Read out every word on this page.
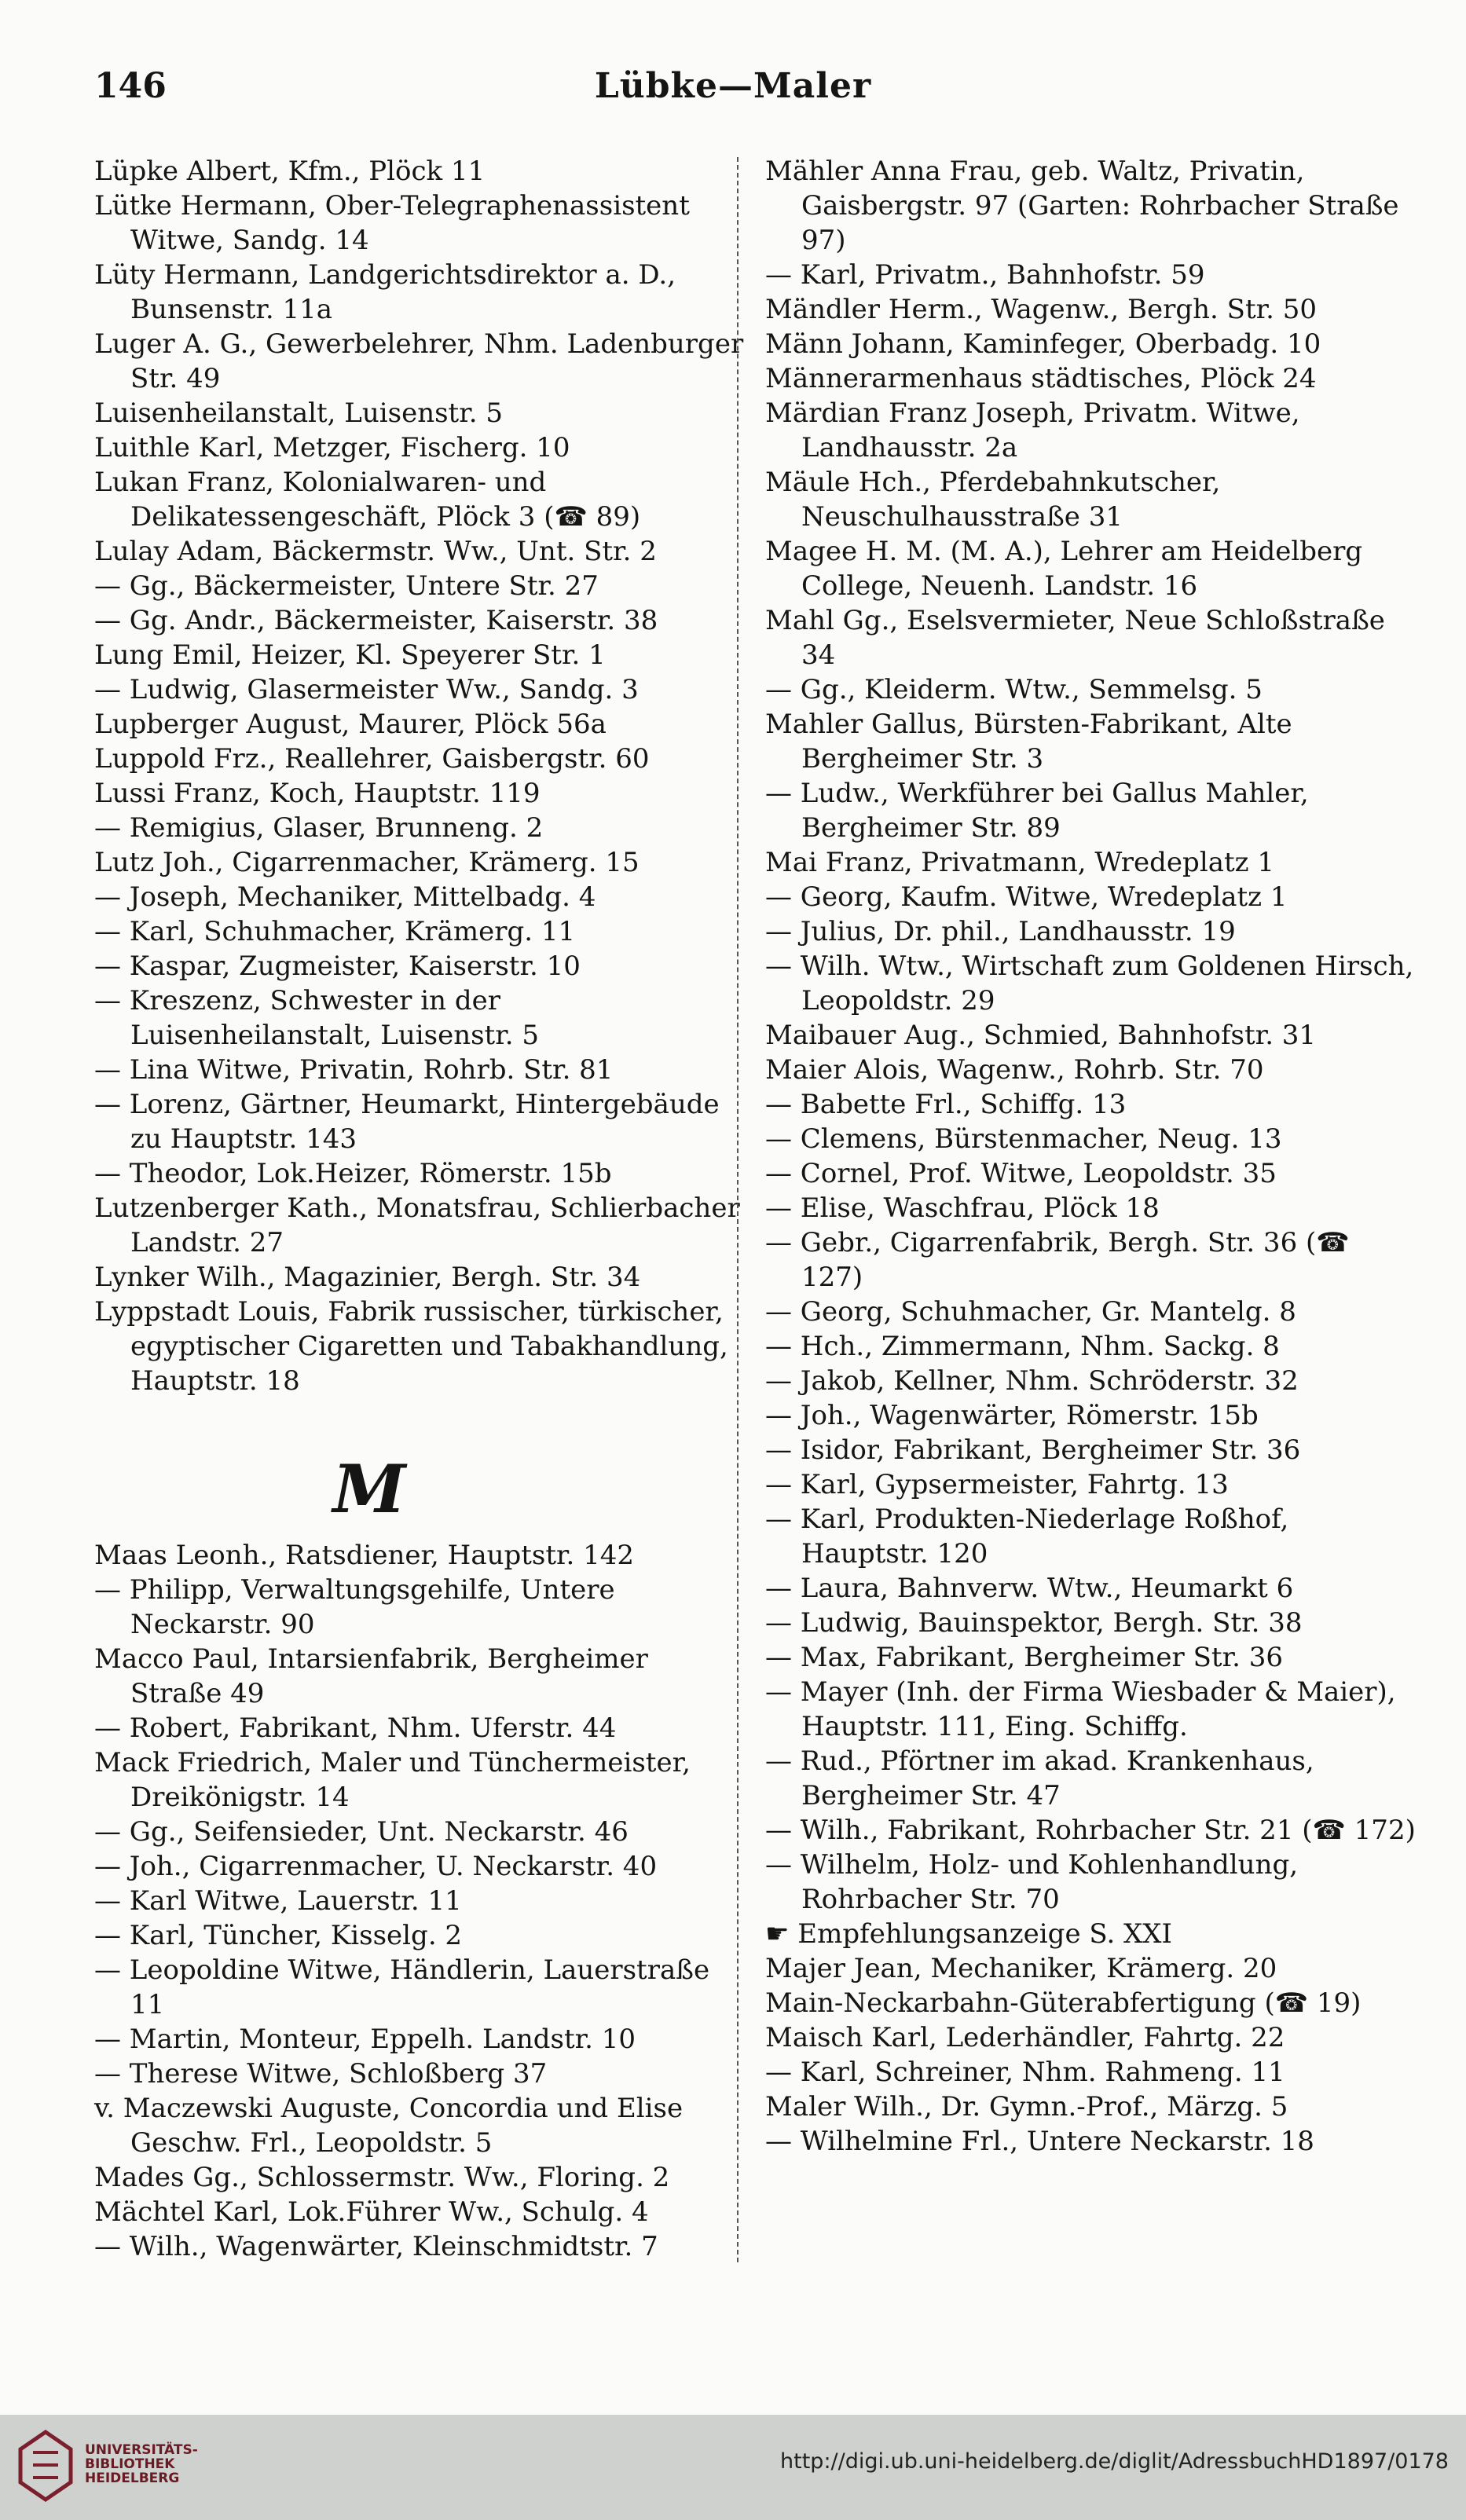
146	Lübke—Maler

Lüpke Albert, Kfm., Plöck 11

Lütke Hermann, Ober-Telegraphenassistent Witwe, Sandg. 14

Lüty Hermann, Landgerichtsdirektor a. D., Bunsenstr. 11a

Luger A. G., Gewerbelehrer, Nhm. Ladenburger Str. 49

Luisenheilanstalt, Luisenstr. 5

Luithle Karl, Metzger, Fischerg. 10

Lukan Franz, Kolonialwaren- und Delikatessengeschäft, Plöck 3 (☎ 89)

Lulay Adam, Bäckermstr. Ww., Unt. Str. 2

— Gg., Bäckermeister, Untere Str. 27

— Gg. Andr., Bäckermeister, Kaiserstr. 38

Lung Emil, Heizer, Kl. Speyerer Str. 1

— Ludwig, Glasermeister Ww., Sandg. 3

Lupberger August, Maurer, Plöck 56a

Luppold Frz., Reallehrer, Gaisbergstr. 60

Lussi Franz, Koch, Hauptstr. 119

— Remigius, Glaser, Brunneng. 2

Lutz Joh., Cigarrenmacher, Krämerg. 15

— Joseph, Mechaniker, Mittelbadg. 4

— Karl, Schuhmacher, Krämerg. 11

— Kaspar, Zugmeister, Kaiserstr. 10

— Kreszenz, Schwester in der Luisenheilanstalt, Luisenstr. 5

— Lina Witwe, Privatin, Rohrb. Str. 81

— Lorenz, Gärtner, Heumarkt, Hintergebäude zu Hauptstr. 143

— Theodor, Lok.Heizer, Römerstr. 15b

Lutzenberger Kath., Monatsfrau, Schlierbacher Landstr. 27

Lynker Wilh., Magazinier, Bergh. Str. 34

Lyppstadt Louis, Fabrik russischer, türkischer, egyptischer Cigaretten und Tabakhandlung, Hauptstr. 18

M

Maas Leonh., Ratsdiener, Hauptstr. 142

— Philipp, Verwaltungsgehilfe, Untere Neckarstr. 90

Macco Paul, Intarsienfabrik, Bergheimer Straße 49

— Robert, Fabrikant, Nhm. Uferstr. 44

Mack Friedrich, Maler und Tünchermeister, Dreikönigstr. 14

— Gg., Seifensieder, Unt. Neckarstr. 46

— Joh., Cigarrenmacher, U. Neckarstr. 40

— Karl Witwe, Lauerstr. 11

— Karl, Tüncher, Kisselg. 2

— Leopoldine Witwe, Händlerin, Lauerstraße 11

— Martin, Monteur, Eppelh. Landstr. 10

— Therese Witwe, Schloßberg 37

v. Maczewski Auguste, Concordia und Elise Geschw. Frl., Leopoldstr. 5

Mades Gg., Schlossermstr. Ww., Floring. 2

Mächtel Karl, Lok.Führer Ww., Schulg. 4

— Wilh., Wagenwärter, Kleinschmidtstr. 7

Mähler Anna Frau, geb. Waltz, Privatin, Gaisbergstr. 97 (Garten: Rohrbacher Straße 97)

— Karl, Privatm., Bahnhofstr. 59

Mändler Herm., Wagenw., Bergh. Str. 50

Männ Johann, Kaminfeger, Oberbadg. 10

Männerarmenhaus städtisches, Plöck 24

Märdian Franz Joseph, Privatm. Witwe, Landhausstr. 2a

Mäule Hch., Pferdebahnkutscher, Neuschulhausstraße 31

Magee H. M. (M. A.), Lehrer am Heidelberg College, Neuenh. Landstr. 16

Mahl Gg., Eselsvermieter, Neue Schloßstraße 34

— Gg., Kleiderm. Wtw., Semmelsg. 5

Mahler Gallus, Bürsten-Fabrikant, Alte Bergheimer Str. 3

— Ludw., Werkführer bei Gallus Mahler, Bergheimer Str. 89

Mai Franz, Privatmann, Wredeplatz 1

— Georg, Kaufm. Witwe, Wredeplatz 1

— Julius, Dr. phil., Landhausstr. 19

— Wilh. Wtw., Wirtschaft zum Goldenen Hirsch, Leopoldstr. 29

Maibauer Aug., Schmied, Bahnhofstr. 31

Maier Alois, Wagenw., Rohrb. Str. 70

— Babette Frl., Schiffg. 13

— Clemens, Bürstenmacher, Neug. 13

— Cornel, Prof. Witwe, Leopoldstr. 35

— Elise, Waschfrau, Plöck 18

— Gebr., Cigarrenfabrik, Bergh. Str. 36 (☎ 127)

— Georg, Schuhmacher, Gr. Mantelg. 8

— Hch., Zimmermann, Nhm. Sackg. 8

— Jakob, Kellner, Nhm. Schröderstr. 32

— Joh., Wagenwärter, Römerstr. 15b

— Isidor, Fabrikant, Bergheimer Str. 36

— Karl, Gypsermeister, Fahrtg. 13

— Karl, Produkten-Niederlage Roßhof, Hauptstr. 120

— Laura, Bahnverw. Wtw., Heumarkt 6

— Ludwig, Bauinspektor, Bergh. Str. 38

— Max, Fabrikant, Bergheimer Str. 36

— Mayer (Inh. der Firma Wiesbader & Maier), Hauptstr. 111, Eing. Schiffg.

— Rud., Pförtner im akad. Krankenhaus, Bergheimer Str. 47

— Wilh., Fabrikant, Rohrbacher Str. 21 (☎ 172)

— Wilhelm, Holz- und Kohlenhandlung, Rohrbacher Str. 70

☛ Empfehlungsanzeige S. XXI

Majer Jean, Mechaniker, Krämerg. 20

Main-Neckarbahn-Güterabfertigung (☎ 19)

Maisch Karl, Lederhändler, Fahrtg. 22

— Karl, Schreiner, Nhm. Rahmeng. 11

Maler Wilh., Dr. Gymn.-Prof., Märzg. 5

— Wilhelmine Frl., Untere Neckarstr. 18

UNIVERSITÄTS-
BIBLIOTHEK
HEIDELBERG
http://digi.ub.uni-heidelberg.de/diglit/AdressbuchHD1897/0178
